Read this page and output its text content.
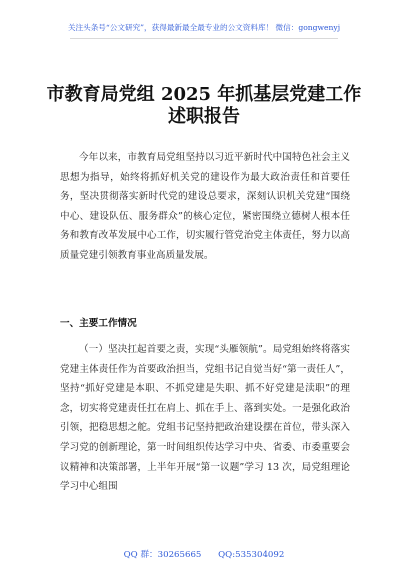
关注头条号“公文研究”，获得最新最全最专业的公文资料库！ 微信：gongwenyj
市教育局党组 2025 年抓基层党建工作
述职报告
今年以来，市教育局党组坚持以习近平新时代中国特色社会主义思想为指导，始终将抓好机关党的建设作为最大政治责任和首要任务，坚决贯彻落实新时代党的建设总要求，深刻认识机关党建“围绕中心、建设队伍、服务群众”的核心定位，紧密围绕立德树人根本任务和教育改革发展中心工作，切实履行管党治党主体责任，努力以高质量党建引领教育事业高质量发展。
一、主要工作情况
（一）坚决扛起首要之责，实现“头雁领航”。局党组始终将落实党建主体责任作为首要政治担当，党组书记自觉当好“第一责任人”，坚持“抓好党建是本职、不抓党建是失职、抓不好党建是渎职”的理念，切实将党建责任扛在肩上、抓在手上、落到实处。一是强化政治引领，把稳思想之舵。党组书记坚持把政治建设摆在首位，带头深入学习党的创新理论，第一时间组织传达学习中央、省委、市委重要会议精神和决策部署，上半年开展“第一议题”学习 13 次，局党组理论学习中心组围
QQ 群：30265665 QQ:535304092
